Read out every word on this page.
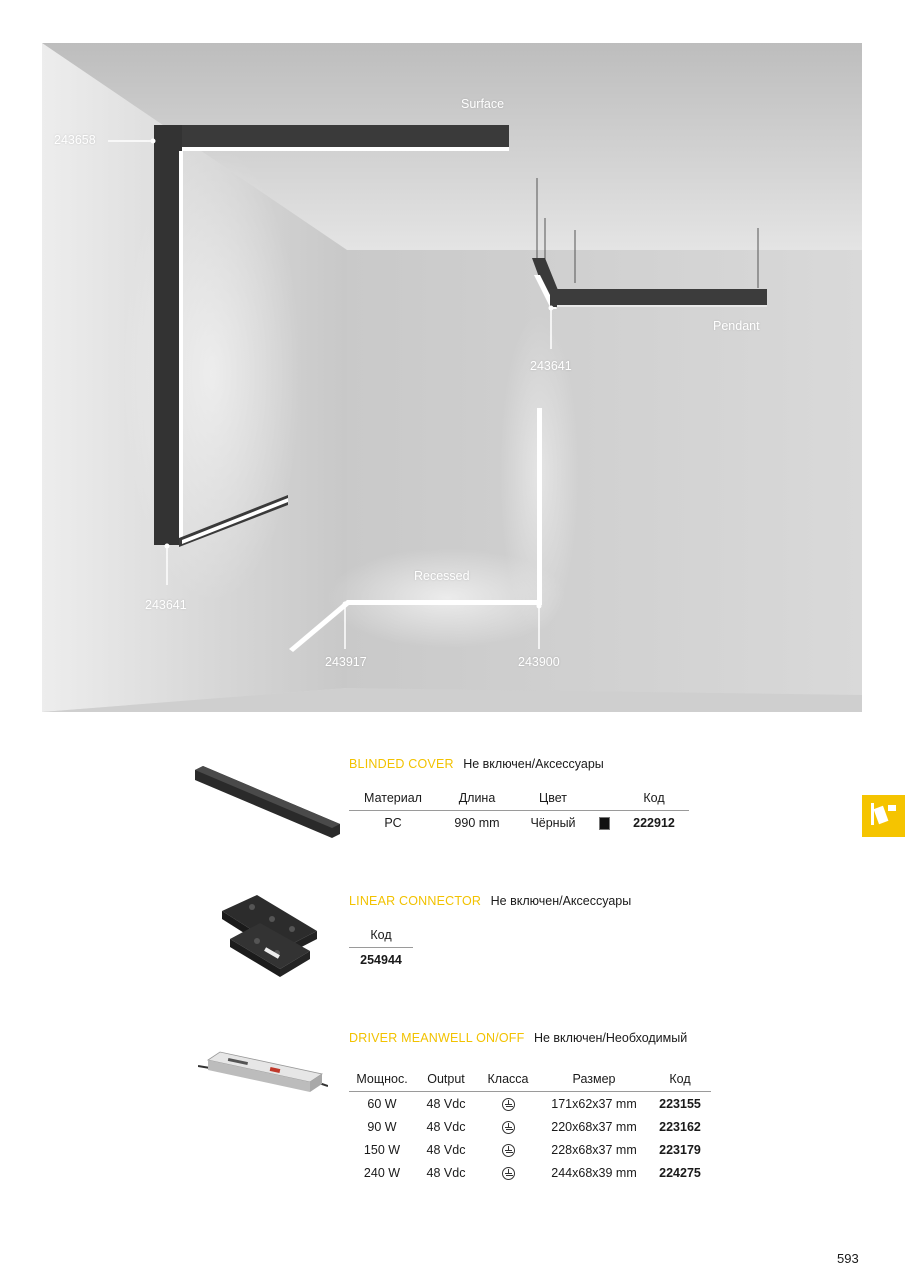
Surface
243658
Pendant
243641
Recessed
243641
243917	243900
BLINDED COVER Не включен/Аксессуары
Материал	Длина	Цвет		Код
PC	990 mm	Чёрный		222912
LINEAR CONNECTOR Не включен/Аксессуары
Код
254944
DRIVER MEANWELL ON/OFF Не включен/Необходимый
Мощнос.	Output	Класса	Размер	Код
60 W	48 Vdc		171x62x37 mm	223155
90 W	48 Vdc		220x68x37 mm	223162
150 W	48 Vdc		228x68x37 mm	223179
240 W	48 Vdc		244x68x39 mm	224275
593
